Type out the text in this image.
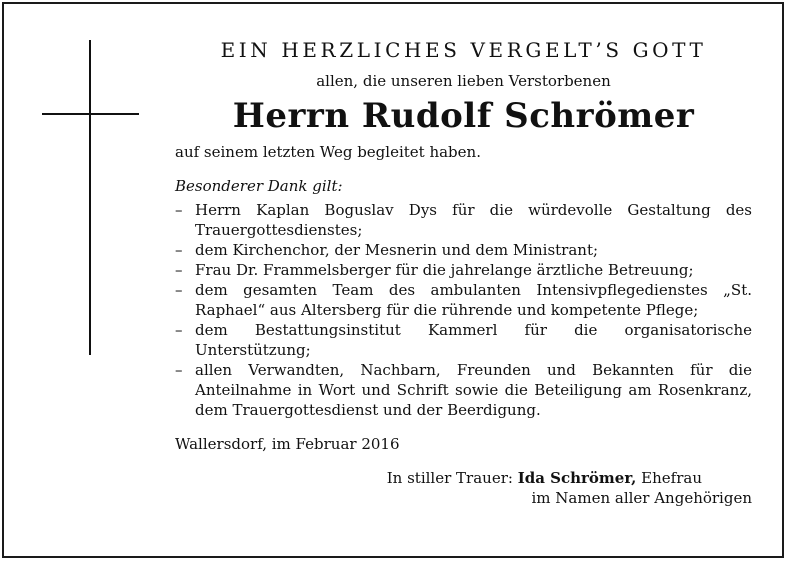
EIN HERZLICHES VERGELT’S GOTT
allen, die unseren lieben Verstorbenen
Herrn Rudolf Schrömer
auf seinem letzten Weg begleitet haben.
Besonderer Dank gilt:
– Herrn Kaplan Boguslav Dys für die würdevolle Gestaltung des Trauergottesdienstes;
– dem Kirchenchor, der Mesnerin und dem Ministrant;
– Frau Dr. Frammelsberger für die jahrelange ärztliche Betreuung;
– dem gesamten Team des ambulanten Intensivpflegedienstes „St. Raphael“ aus Altersberg für die rührende und kompetente Pflege;
– dem Bestattungsinstitut Kammerl für die organisatorische Unterstützung;
– allen Verwandten, Nachbarn, Freunden und Bekannten für die Anteilnahme in Wort und Schrift sowie die Beteiligung am Rosenkranz, dem Trauergottesdienst und der Beerdigung.
Wallersdorf, im Februar 2016
In stiller Trauer: Ida Schrömer, Ehefrau
im Namen aller Angehörigen
